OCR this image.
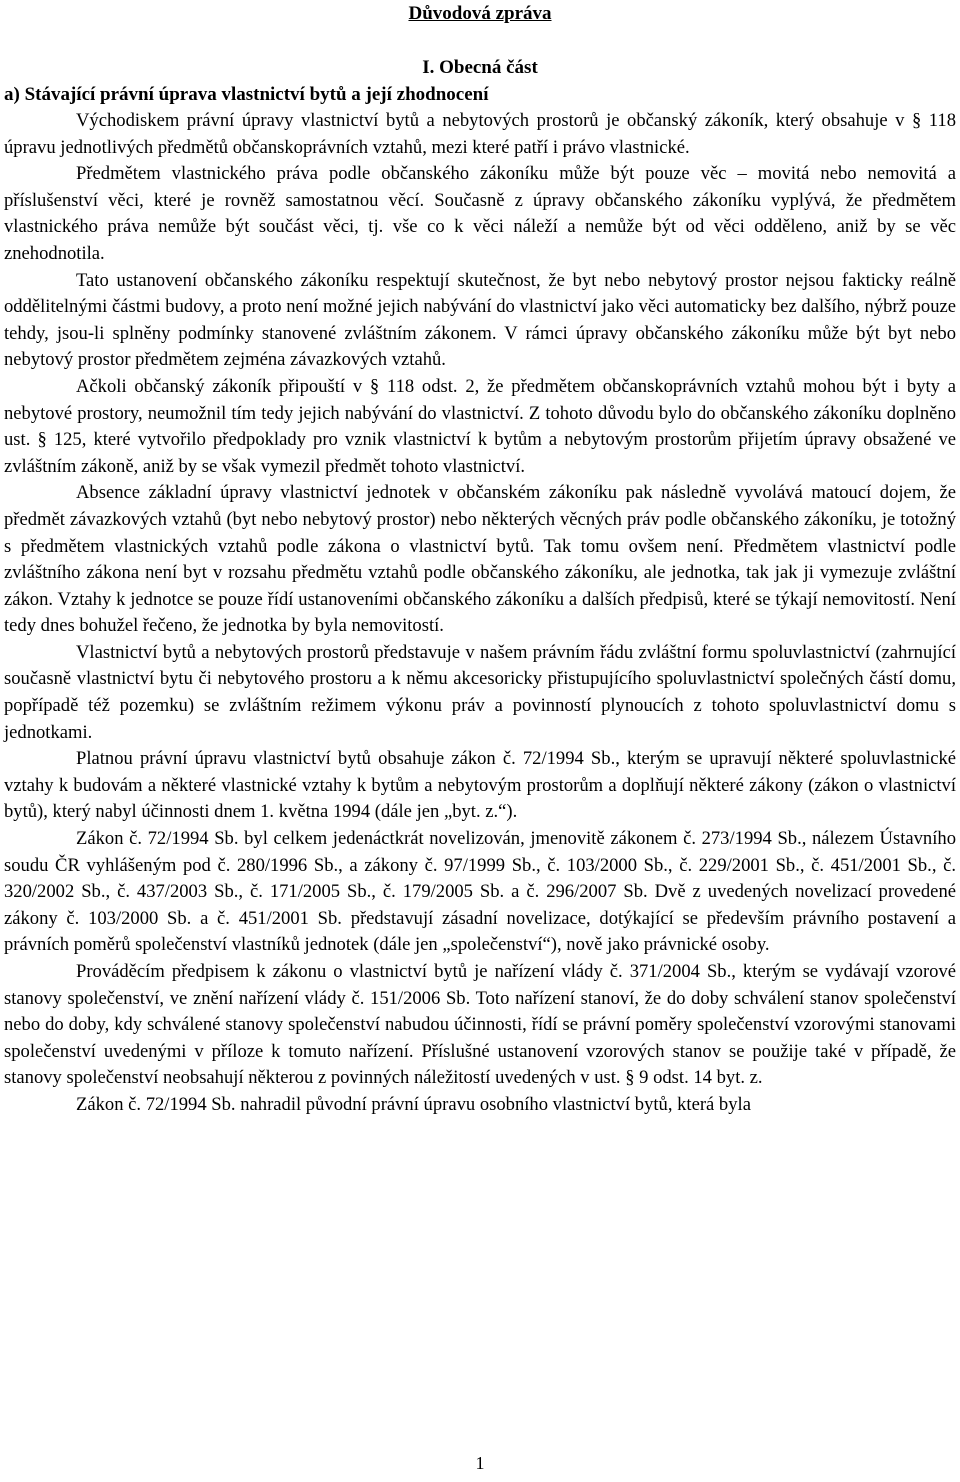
Důvodová zpráva
I. Obecná část
a) Stávající právní úprava vlastnictví bytů a její zhodnocení

Východiskem právní úpravy vlastnictví bytů a nebytových prostorů je občanský zákoník, který obsahuje v § 118 úpravu jednotlivých předmětů občanskoprávních vztahů, mezi které patří i právo vlastnické.

Předmětem vlastnického práva podle občanského zákoníku může být pouze věc – movitá nebo nemovitá a příslušenství věci, které je rovněž samostatnou věcí. Současně z úpravy občanského zákoníku vyplývá, že předmětem vlastnického práva nemůže být součást věci, tj. vše co k věci náleží a nemůže být od věci odděleno, aniž by se věc znehodnotila.

Tato ustanovení občanského zákoníku respektují skutečnost, že byt nebo nebytový prostor nejsou fakticky reálně oddělitelnými částmi budovy, a proto není možné jejich nabývání do vlastnictví jako věci automaticky bez dalšího, nýbrž pouze tehdy, jsou-li splněny podmínky stanovené zvláštním zákonem. V rámci úpravy občanského zákoníku může být byt nebo nebytový prostor předmětem zejména závazkových vztahů.

Ačkoli občanský zákoník připouští v § 118 odst. 2, že předmětem občanskoprávních vztahů mohou být i byty a nebytové prostory, neumožnil tím tedy jejich nabývání do vlastnictví. Z tohoto důvodu bylo do občanského zákoníku doplněno ust. § 125, které vytvořilo předpoklady pro vznik vlastnictví k bytům a nebytovým prostorům přijetím úpravy obsažené ve zvláštním zákoně, aniž by se však vymezil předmět tohoto vlastnictví.

Absence základní úpravy vlastnictví jednotek v občanském zákoníku pak následně vyvolává matoucí dojem, že předmět závazkových vztahů (byt nebo nebytový prostor) nebo některých věcných práv podle občanského zákoníku, je totožný s předmětem vlastnických vztahů podle zákona o vlastnictví bytů. Tak tomu ovšem není. Předmětem vlastnictví podle zvláštního zákona není byt v rozsahu předmětu vztahů podle občanského zákoníku, ale jednotka, tak jak ji vymezuje zvláštní zákon. Vztahy k jednotce se pouze řídí ustanoveními občanského zákoníku a dalších předpisů, které se týkají nemovitostí. Není tedy dnes bohužel řečeno, že jednotka by byla nemovitostí.

Vlastnictví bytů a nebytových prostorů představuje v našem právním řádu zvláštní formu spoluvlastnictví (zahrnující současně vlastnictví bytu či nebytového prostoru a k němu akcesoricky přistupujícího spoluvlastnictví společných částí domu, popřípadě též pozemku) se zvláštním režimem výkonu práv a povinností plynoucích z tohoto spoluvlastnictví domu s jednotkami.

Platnou právní úpravu vlastnictví bytů obsahuje zákon č. 72/1994 Sb., kterým se upravují některé spoluvlastnické vztahy k budovám a některé vlastnické vztahy k bytům a nebytovým prostorům a doplňují některé zákony (zákon o vlastnictví bytů), který nabyl účinnosti dnem 1. května 1994 (dále jen „byt. z.“).

Zákon č. 72/1994 Sb. byl celkem jedenáctkrát novelizován, jmenovitě zákonem č. 273/1994 Sb., nálezem Ústavního soudu ČR vyhlášeným pod č. 280/1996 Sb., a zákony č. 97/1999 Sb., č. 103/2000 Sb., č. 229/2001 Sb., č. 451/2001 Sb., č. 320/2002 Sb., č. 437/2003 Sb., č. 171/2005 Sb., č. 179/2005 Sb. a č. 296/2007 Sb. Dvě z uvedených novelizací provedené zákony č. 103/2000 Sb. a č. 451/2001 Sb. představují zásadní novelizace, dotýkající se především právního postavení a právních poměrů společenství vlastníků jednotek (dále jen „společenství“), nově jako právnické osoby.

Prováděcím předpisem k zákonu o vlastnictví bytů je nařízení vlády č. 371/2004 Sb., kterým se vydávají vzorové stanovy společenství, ve znění nařízení vlády č. 151/2006 Sb. Toto nařízení stanoví, že do doby schválení stanov společenství nebo do doby, kdy schválené stanovy společenství nabudou účinnosti, řídí se právní poměry společenství vzorovými stanovami společenství uvedenými v příloze k tomuto nařízení. Příslušné ustanovení vzorových stanov se použije také v případě, že stanovy společenství neobsahují některou z povinných náležitostí uvedených v ust. § 9 odst. 14 byt. z.

Zákon č. 72/1994 Sb. nahradil původní právní úpravu osobního vlastnictví bytů, která byla

1
